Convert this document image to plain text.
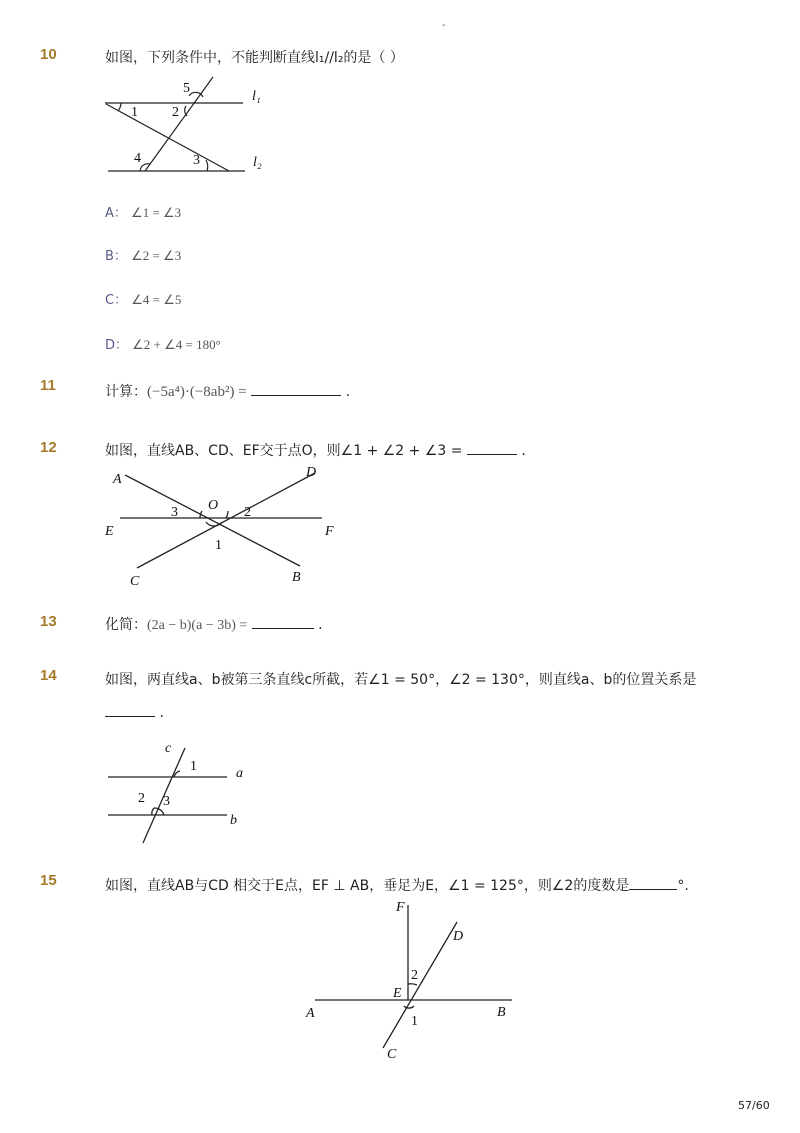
-
10	如图，下列条件中，不能判断直线l₁//l₂的是（ ）
1 2
3
4
5
l₁
l₂
A	D
E	F
C	B
O
3	2
1
c
1	a
2 3
b
F
D
2
E
A	B
1
C
A： ∠1 = ∠3
B： ∠2 = ∠3
C： ∠4 = ∠5
D： ∠2 + ∠4 = 180°
11	计算：(−5a⁴)·(−8ab²) =	.
12	如图，直线AB、CD、EF交于点O，则∠1 + ∠2 + ∠3 =	.
13	化简：(2a − b)(a − 3b) =	.
14	如图，两直线a、b被第三条直线c所截，若∠1 = 50°，∠2 = 130°，则直线a、b的位置关系是
.
15	如图，直线AB与CD 相交于E点，EF ⊥ AB，垂足为E，∠1 = 125°，则∠2的度数是	°.
57/60
